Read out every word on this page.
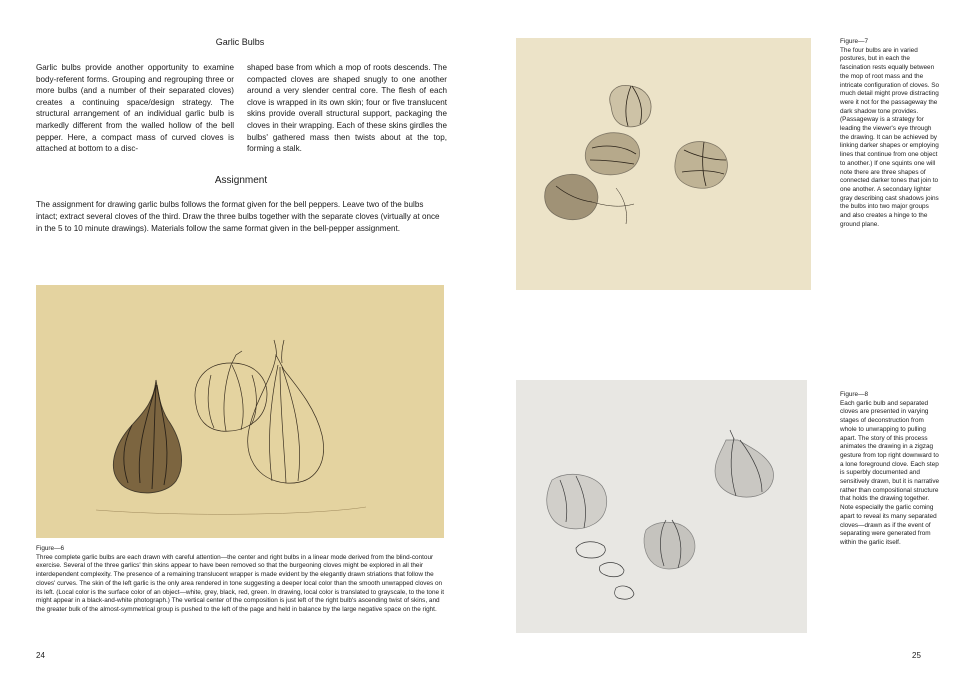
Garlic Bulbs

Garlic bulbs provide another opportunity to examine body-referent forms. Grouping and regrouping three or more bulbs (and a number of their separated cloves) creates a continuing space/design strategy. The structural arrangement of an individual garlic bulb is markedly different from the walled hollow of the bell pepper. Here, a compact mass of curved cloves is attached at bottom to a disc-

shaped base from which a mop of roots descends. The compacted cloves are shaped snugly to one another around a very slender central core. The flesh of each clove is wrapped in its own skin; four or five translucent skins provide overall structural support, packaging the cloves in their wrapping. Each of these skins girdles the bulbs' gathered mass then twists about at the top, forming a stalk.

Assignment
The assignment for drawing garlic bulbs follows the format given for the bell peppers. Leave two of the bulbs intact; extract several cloves of the third. Draw the three bulbs together with the separate cloves (virtually at once in the 5 to 10 minute drawings). Materials follow the same format given in the bell-pepper assignment.
Figure—6
Three complete garlic bulbs are each drawn with careful attention—the center and right bulbs in a linear mode derived from the blind-contour exercise. Several of the three garlics' thin skins appear to have been removed so that the burgeoning cloves might be explored in all their interdependent complexity. The presence of a remaining translucent wrapper is made evident by the elegantly drawn striations that follow the cloves' curves. The skin of the left garlic is the only area rendered in tone suggesting a deeper local color than the smooth unwrapped cloves on its left. (Local color is the surface color of an object—white, grey, black, red, green. In drawing, local color is translated to grayscale, to the tone it might appear in a black-and-white photograph.) The vertical center of the composition is just left of the right bulb's ascending twist of skins, and the greater bulk of the almost-symmetrical group is pushed to the left of the page and held in balance by the large negative space on the right.
24
Figure—7
The four bulbs are in varied postures, but in each the fascination rests equally between the mop of root mass and the intricate configuration of cloves. So much detail might prove distracting were it not for the passageway the dark shadow tone provides. (Passageway is a strategy for leading the viewer's eye through the drawing. It can be achieved by linking darker shapes or employing lines that continue from one object to another.) If one squints one will note there are three shapes of connected darker tones that join to one another. A secondary lighter gray describing cast shadows joins the bulbs into two major groups and also creates a hinge to the ground plane.
Figure—8
Each garlic bulb and separated cloves are presented in varying stages of deconstruction from whole to unwrapping to pulling apart. The story of this process animates the drawing in a zigzag gesture from top right downward to a lone foreground clove. Each step is superbly documented and sensitively drawn, but it is narrative rather than compositional structure that holds the drawing together. Note especially the garlic coming apart to reveal its many separated cloves—drawn as if the event of separating were generated from within the garlic itself.
25
